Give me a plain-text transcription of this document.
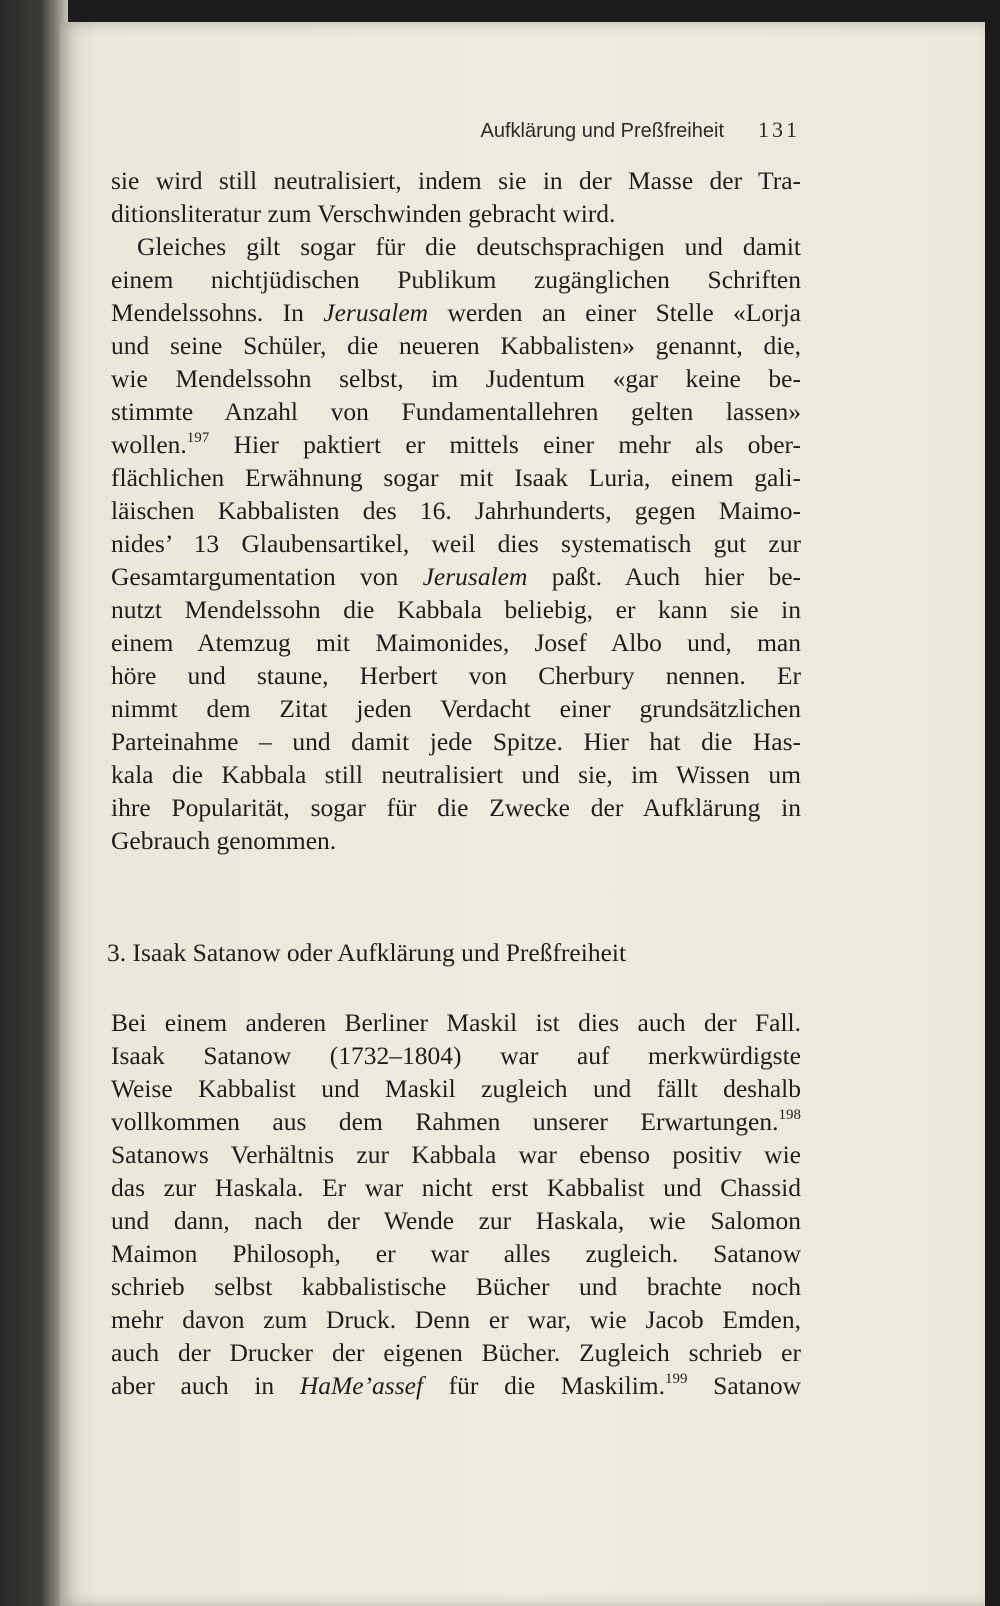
Aufklärung und Preßfreiheit 131
sie wird still neutralisiert, indem sie in der Masse der Tra-
ditionsliteratur zum Verschwinden gebracht wird.
Gleiches gilt sogar für die deutschsprachigen und damit
einem nichtjüdischen Publikum zugänglichen Schriften
Mendelssohns. In Jerusalem werden an einer Stelle «Lorja
und seine Schüler, die neueren Kabbalisten» genannt, die,
wie Mendelssohn selbst, im Judentum «gar keine be-
stimmte Anzahl von Fundamentallehren gelten lassen»
wollen.$^{197}$ Hier paktiert er mittels einer mehr als ober-
flächlichen Erwähnung sogar mit Isaak Luria, einem gali-
läischen Kabbalisten des 16. Jahrhunderts, gegen Maimo-
nides’ 13 Glaubensartikel, weil dies systematisch gut zur
Gesamtargumentation von Jerusalem paßt. Auch hier be-
nutzt Mendelssohn die Kabbala beliebig, er kann sie in
einem Atemzug mit Maimonides, Josef Albo und, man
höre und staune, Herbert von Cherbury nennen. Er
nimmt dem Zitat jeden Verdacht einer grundsätzlichen
Parteinahme – und damit jede Spitze. Hier hat die Has-
kala die Kabbala still neutralisiert und sie, im Wissen um
ihre Popularität, sogar für die Zwecke der Aufklärung in
Gebrauch genommen.
3. Isaak Satanow oder Aufklärung und Preßfreiheit
Bei einem anderen Berliner Maskil ist dies auch der Fall.
Isaak Satanow (1732–1804) war auf merkwürdigste
Weise Kabbalist und Maskil zugleich und fällt deshalb
vollkommen aus dem Rahmen unserer Erwartungen.$^{198}$
Satanows Verhältnis zur Kabbala war ebenso positiv wie
das zur Haskala. Er war nicht erst Kabbalist und Chassid
und dann, nach der Wende zur Haskala, wie Salomon
Maimon Philosoph, er war alles zugleich. Satanow
schrieb selbst kabbalistische Bücher und brachte noch
mehr davon zum Druck. Denn er war, wie Jacob Emden,
auch der Drucker der eigenen Bücher. Zugleich schrieb er
aber auch in HaMe’assef für die Maskilim.$^{199}$ Satanow
